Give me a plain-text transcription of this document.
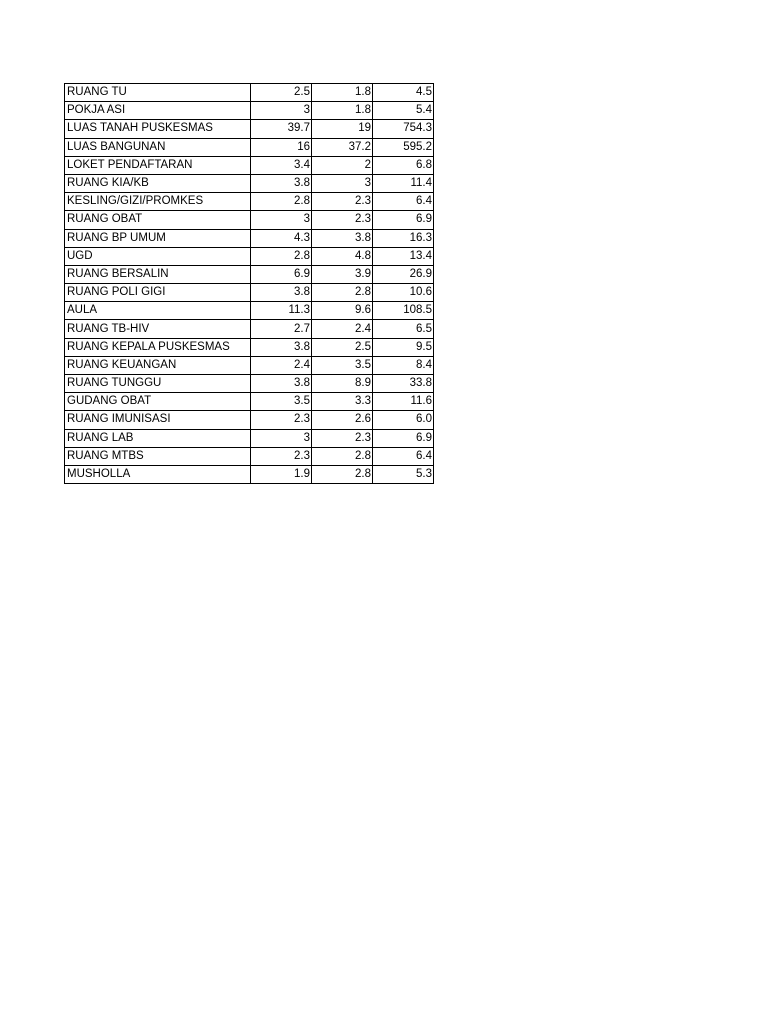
RUANG TU	2.5	1.8	4.5
POKJA ASI	3	1.8	5.4
LUAS TANAH PUSKESMAS	39.7	19	754.3
LUAS BANGUNAN	16	37.2	595.2
LOKET PENDAFTARAN	3.4	2	6.8
RUANG KIA/KB	3.8	3	11.4
KESLING/GIZI/PROMKES	2.8	2.3	6.4
RUANG OBAT	3	2.3	6.9
RUANG BP UMUM	4.3	3.8	16.3
UGD	2.8	4.8	13.4
RUANG BERSALIN	6.9	3.9	26.9
RUANG POLI GIGI	3.8	2.8	10.6
AULA	11.3	9.6	108.5
RUANG TB-HIV	2.7	2.4	6.5
RUANG KEPALA PUSKESMAS	3.8	2.5	9.5
RUANG KEUANGAN	2.4	3.5	8.4
RUANG TUNGGU	3.8	8.9	33.8
GUDANG OBAT	3.5	3.3	11.6
RUANG IMUNISASI	2.3	2.6	6.0
RUANG LAB	3	2.3	6.9
RUANG MTBS	2.3	2.8	6.4
MUSHOLLA	1.9	2.8	5.3
